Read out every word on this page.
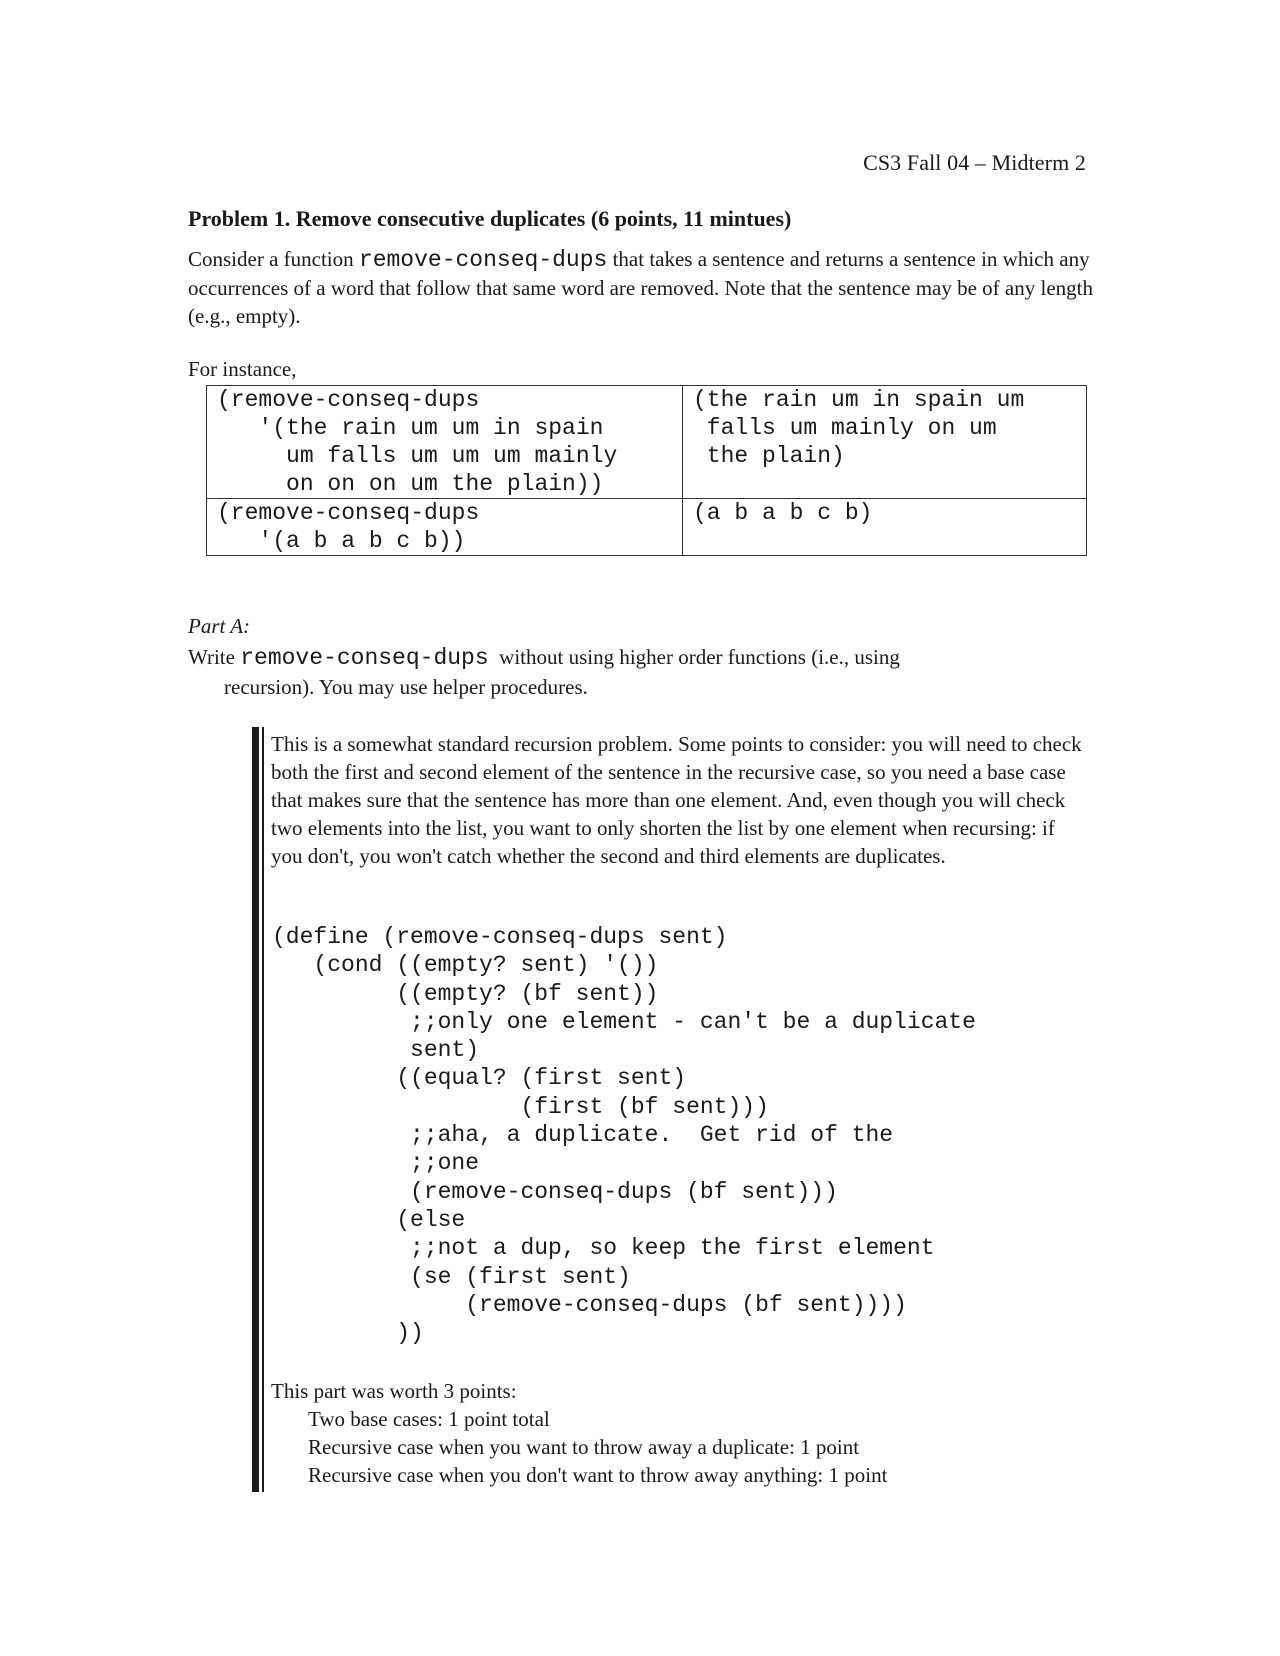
CS3 Fall 04 – Midterm 2
Problem 1. Remove consecutive duplicates (6 points, 11 mintues)
Consider a function remove-conseq-dups that takes a sentence and returns a sentence in which any occurrences of a word that follow that same word are removed. Note that the sentence may be of any length (e.g., empty).
For instance,
(remove-conseq-dups
'(the rain um um in spain
um falls um um um mainly
on on on um the plain))	(the rain um in spain um
falls um mainly on um
the plain)
(remove-conseq-dups
'(a b a b c b))	(a b a b c b)
Part A:
Write remove-conseq-dups  without using higher order functions (i.e., using
recursion). You may use helper procedures.
This is a somewhat standard recursion problem. Some points to consider: you will need to check both the first and second element of the sentence in the recursive case, so you need a base case that makes sure that the sentence has more than one element. And, even though you will check two elements into the list, you want to only shorten the list by one element when recursing: if you don't, you won't catch whether the second and third elements are duplicates.
(define (remove-conseq-dups sent)
(cond ((empty? sent) '())
((empty? (bf sent))
;;only one element - can't be a duplicate
sent)
((equal? (first sent)
(first (bf sent)))
;;aha, a duplicate.  Get rid of the
;;one
(remove-conseq-dups (bf sent)))
(else
;;not a dup, so keep the first element
(se (first sent)
(remove-conseq-dups (bf sent))))
))
This part was worth 3 points:
Two base cases: 1 point total
Recursive case when you want to throw away a duplicate: 1 point
Recursive case when you don't want to throw away anything: 1 point
